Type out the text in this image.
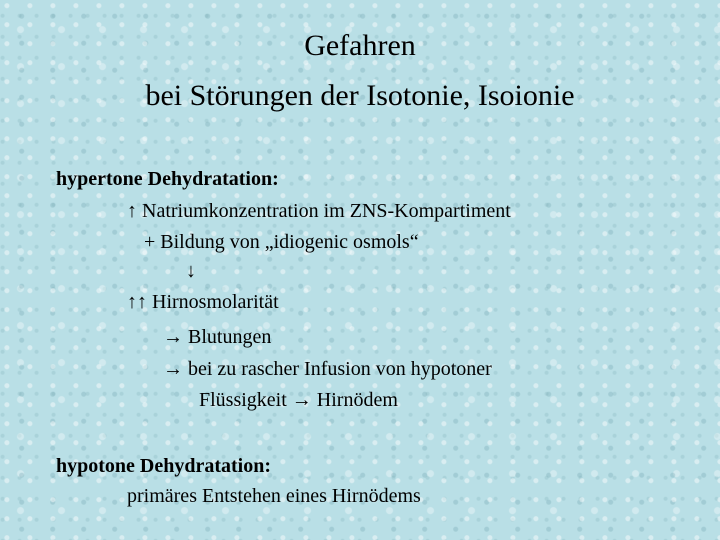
Gefahren
bei Störungen der Isotonie, Isoionie
hypertone Dehydratation:
↑ Natriumkonzentration im ZNS-Kompartiment
+ Bildung von „idiogenic osmols“
↓
↑↑ Hirnosmolarität
→ Blutungen
→ bei zu rascher Infusion von hypotoner
Flüssigkeit → Hirnödem
hypotone Dehydratation:
primäres Entstehen eines Hirnödems
